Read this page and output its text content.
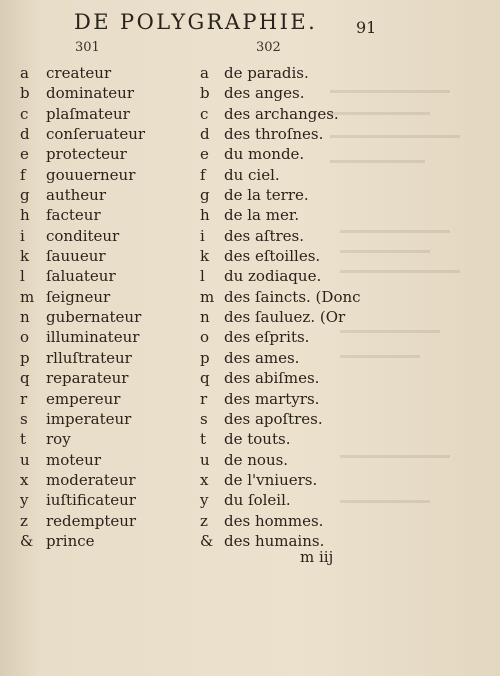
DE POLYGRAPHIE. 91
301	302
a	createur	a de paradis.
b	dominateur	b des anges.
c	plaſmateur	c des archanges.
d	conſeruateur	d des throſnes.
e	protecteur	e du monde.
f	gouuerneur	f du ciel.
g	autheur	g de la terre.
h	facteur	h de la mer.
i	conditeur	i des aſtres.
k	ſauueur	k des eſtoilles.
l	ſaluateur	l du zodiaque.
m ſeigneur	m des ſaincts. (Donc
n	gubernateur	n des ſauluez. (Or
o	illuminateur	o des eſprits.
p	rlluſtrateur	p des ames.
q	reparateur	q des abiſmes.
r	empereur	r des martyrs.
s	imperateur	s des apoſtres.
t	roy	t de touts.
u	moteur	u de nous.
x	moderateur	x de l'vniuers.
y	iuſtificateur	y du ſoleil.
z	redempteur	z des hommes.
& prince	& des humains.
m iij
